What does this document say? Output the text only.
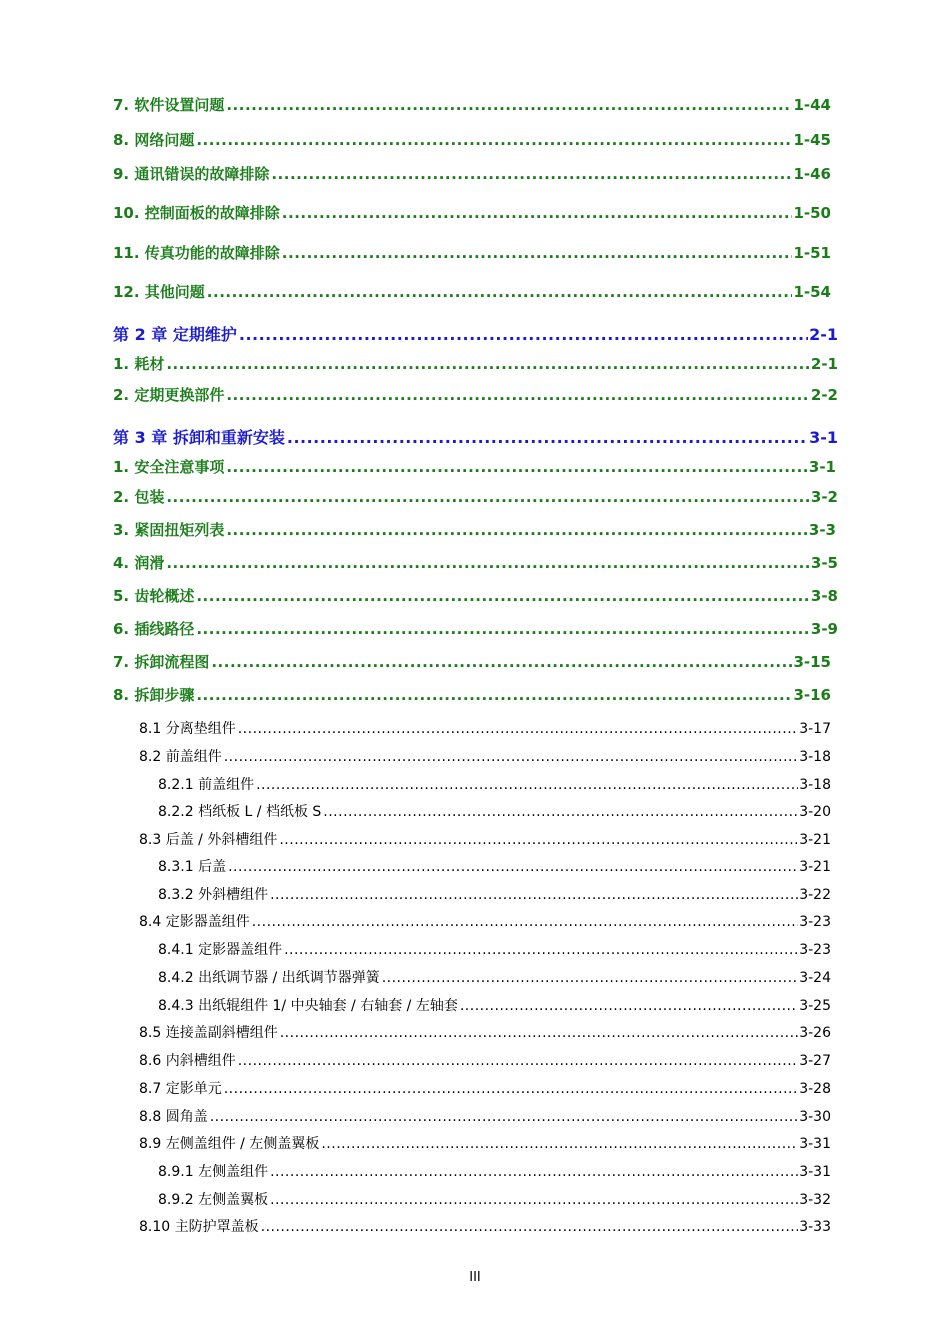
7. 软件设置问题 .....	1-44
8. 网络问题 .....	1-45
9. 通讯错误的故障排除 .....	1-46
10. 控制面板的故障排除 .....	1-50
11. 传真功能的故障排除 .....	1-51
12. 其他问题 .....	1-54
第 2 章 定期维护 .....	2-1
1. 耗材 .....	2-1
2. 定期更换部件 .....	2-2
第 3 章 拆卸和重新安装 .....	3-1
1. 安全注意事项 .....	3-1
2. 包装 .....	3-2
3. 紧固扭矩列表 .....	3-3
4. 润滑 .....	3-5
5. 齿轮概述 .....	3-8
6. 插线路径 .....	3-9
7. 拆卸流程图 .....	3-15
8. 拆卸步骤 .....	3-16
8.1 分离垫组件 .....	3-17
8.2 前盖组件 .....	3-18
8.2.1 前盖组件 .....	3-18
8.2.2 档纸板 L / 档纸板 S .....	3-20
8.3 后盖 / 外斜槽组件 .....	3-21
8.3.1 后盖 .....	3-21
8.3.2 外斜槽组件 .....	3-22
8.4 定影器盖组件 .....	3-23
8.4.1 定影器盖组件 .....	3-23
8.4.2 出纸调节器 / 出纸调节器弹簧 .....	3-24
8.4.3 出纸辊组件 1/ 中央轴套 / 右轴套 / 左轴套 .....	3-25
8.5 连接盖副斜槽组件 .....	3-26
8.6 内斜槽组件 .....	3-27
8.7 定影单元 .....	3-28
8.8 圆角盖 .....	3-30
8.9 左侧盖组件 / 左侧盖翼板 .....	3-31
8.9.1 左侧盖组件 .....	3-31
8.9.2 左侧盖翼板 .....	3-32
8.10 主防护罩盖板 .....	3-33
III
